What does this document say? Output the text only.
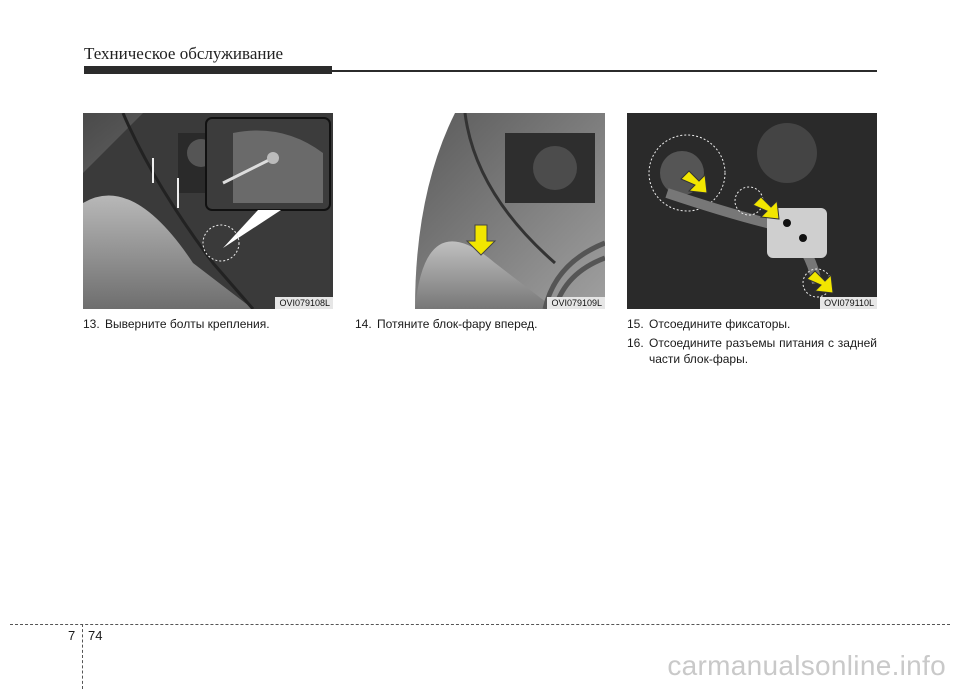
Техническое обслуживание
OVI079108L	OVI079109L	OVI079110L
13. Выверните болты крепления.	14. Потяните блок-фару вперед.	15. Отсоедините фиксаторы.
16. Отсоедините разъемы питания с задней части блок-фары.
7 74
carmanualsonline.info
